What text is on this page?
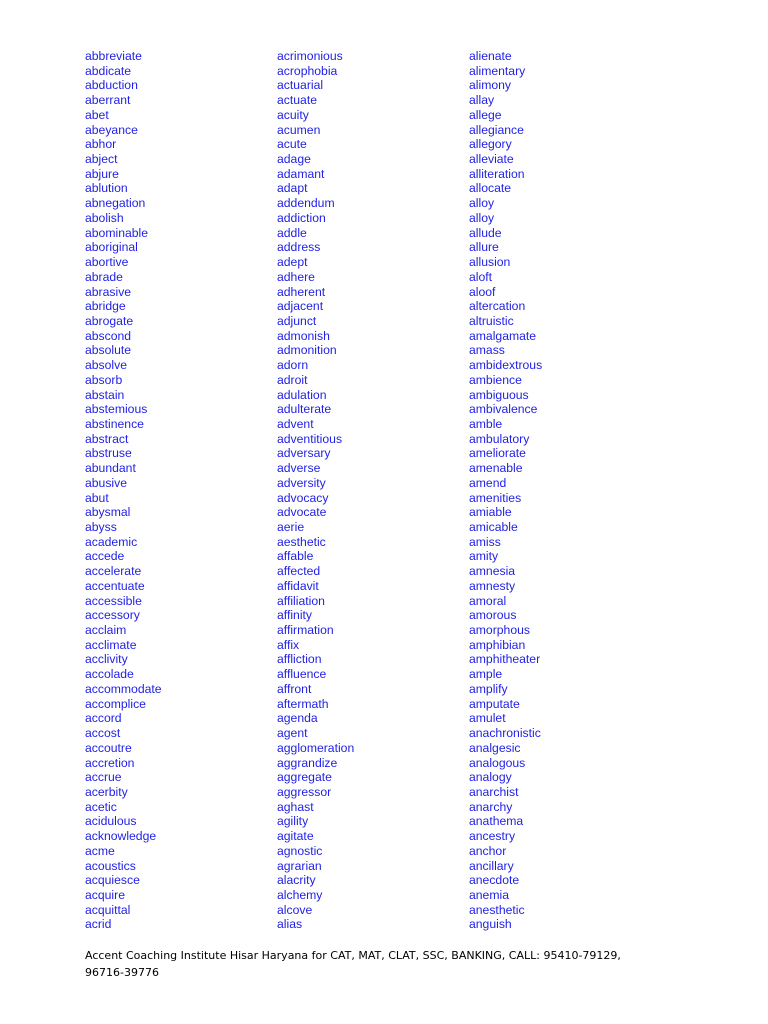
abbreviate
abdicate
abduction
aberrant
abet
abeyance
abhor
abject
abjure
ablution
abnegation
abolish
abominable
aboriginal
abortive
abrade
abrasive
abridge
abrogate
abscond
absolute
absolve
absorb
abstain
abstemious
abstinence
abstract
abstruse
abundant
abusive
abut
abysmal
abyss
academic
accede
accelerate
accentuate
accessible
accessory
acclaim
acclimate
acclivity
accolade
accommodate
accomplice
accord
accost
accoutre
accretion
accrue
acerbity
acetic
acidulous
acknowledge
acme
acoustics
acquiesce
acquire
acquittal
acrid
acrimonious
acrophobia
actuarial
actuate
acuity
acumen
acute
adage
adamant
adapt
addendum
addiction
addle
address
adept
adhere
adherent
adjacent
adjunct
admonish
admonition
adorn
adroit
adulation
adulterate
advent
adventitious
adversary
adverse
adversity
advocacy
advocate
aerie
aesthetic
affable
affected
affidavit
affiliation
affinity
affirmation
affix
affliction
affluence
affront
aftermath
agenda
agent
agglomeration
aggrandize
aggregate
aggressor
aghast
agility
agitate
agnostic
agrarian
alacrity
alchemy
alcove
alias
alienate
alimentary
alimony
allay
allege
allegiance
allegory
alleviate
alliteration
allocate
alloy
alloy
allude
allure
allusion
aloft
aloof
altercation
altruistic
amalgamate
amass
ambidextrous
ambience
ambiguous
ambivalence
amble
ambulatory
ameliorate
amenable
amend
amenities
amiable
amicable
amiss
amity
amnesia
amnesty
amoral
amorous
amorphous
amphibian
amphitheater
ample
amplify
amputate
amulet
anachronistic
analgesic
analogous
analogy
anarchist
anarchy
anathema
ancestry
anchor
ancillary
anecdote
anemia
anesthetic
anguish
Accent Coaching Institute Hisar Haryana for CAT, MAT, CLAT, SSC, BANKING, CALL: 95410-79129,
96716-39776
